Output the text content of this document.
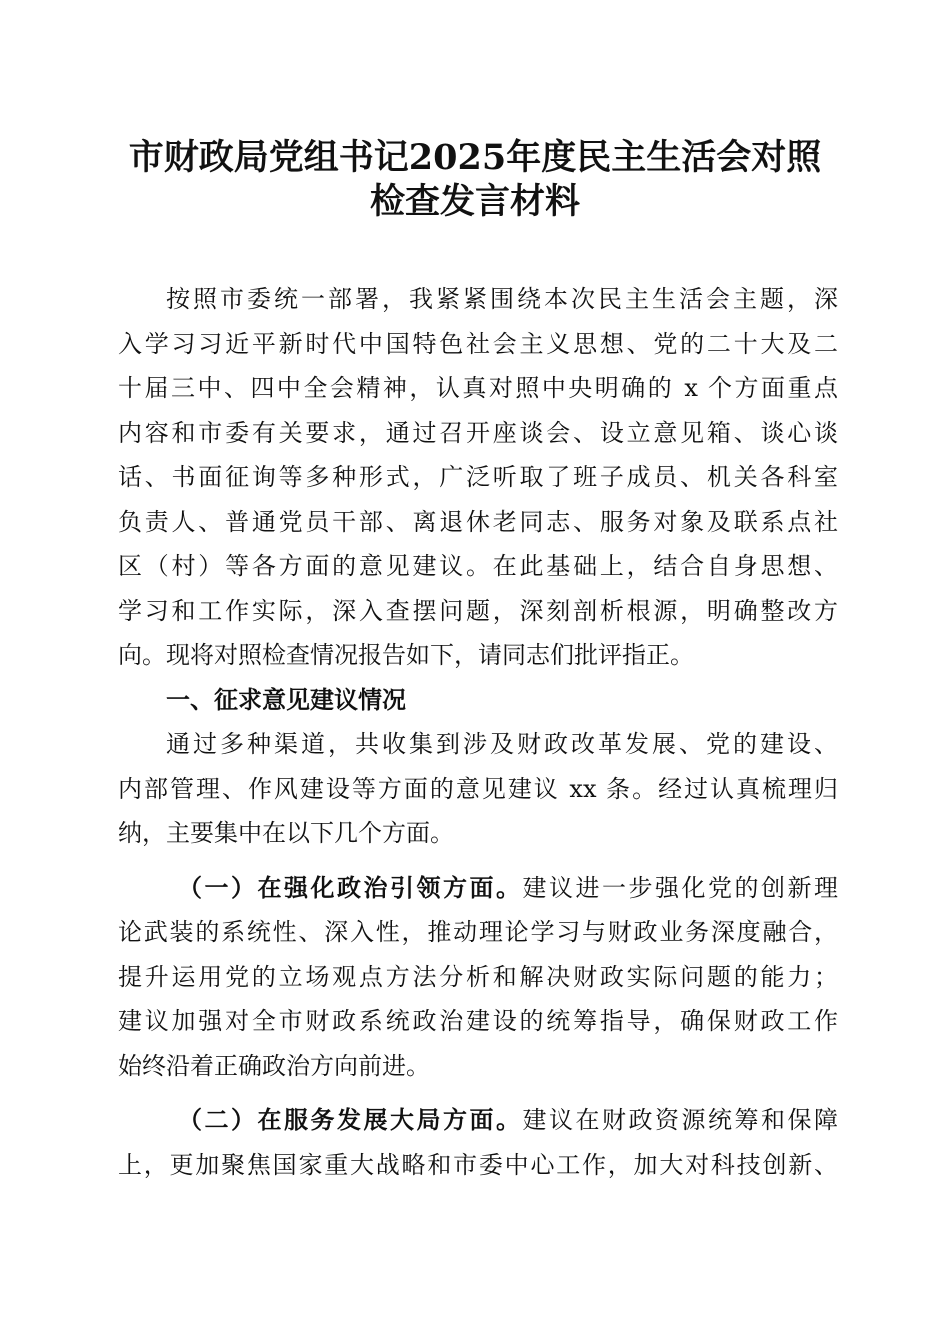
市财政局党组书记2025年度民主生活会对照
检查发言材料
按照市委统一部署，我紧紧围绕本次民主生活会主题，深
入学习习近平新时代中国特色社会主义思想、党的二十大及二
十届三中、四中全会精神，认真对照中央明确的 x 个方面重点
内容和市委有关要求，通过召开座谈会、设立意见箱、谈心谈
话、书面征询等多种形式，广泛听取了班子成员、机关各科室
负责人、普通党员干部、离退休老同志、服务对象及联系点社
区（村）等各方面的意见建议。在此基础上，结合自身思想、
学习和工作实际，深入查摆问题，深刻剖析根源，明确整改方
向。现将对照检查情况报告如下，请同志们批评指正。
一、征求意见建议情况
通过多种渠道，共收集到涉及财政改革发展、党的建设、
内部管理、作风建设等方面的意见建议 xx 条。经过认真梳理归
纳，主要集中在以下几个方面。
（一）在强化政治引领方面。建议进一步强化党的创新理
论武装的系统性、深入性，推动理论学习与财政业务深度融合，
提升运用党的立场观点方法分析和解决财政实际问题的能力；
建议加强对全市财政系统政治建设的统筹指导，确保财政工作
始终沿着正确政治方向前进。
（二）在服务发展大局方面。建议在财政资源统筹和保障
上，更加聚焦国家重大战略和市委中心工作，加大对科技创新、
